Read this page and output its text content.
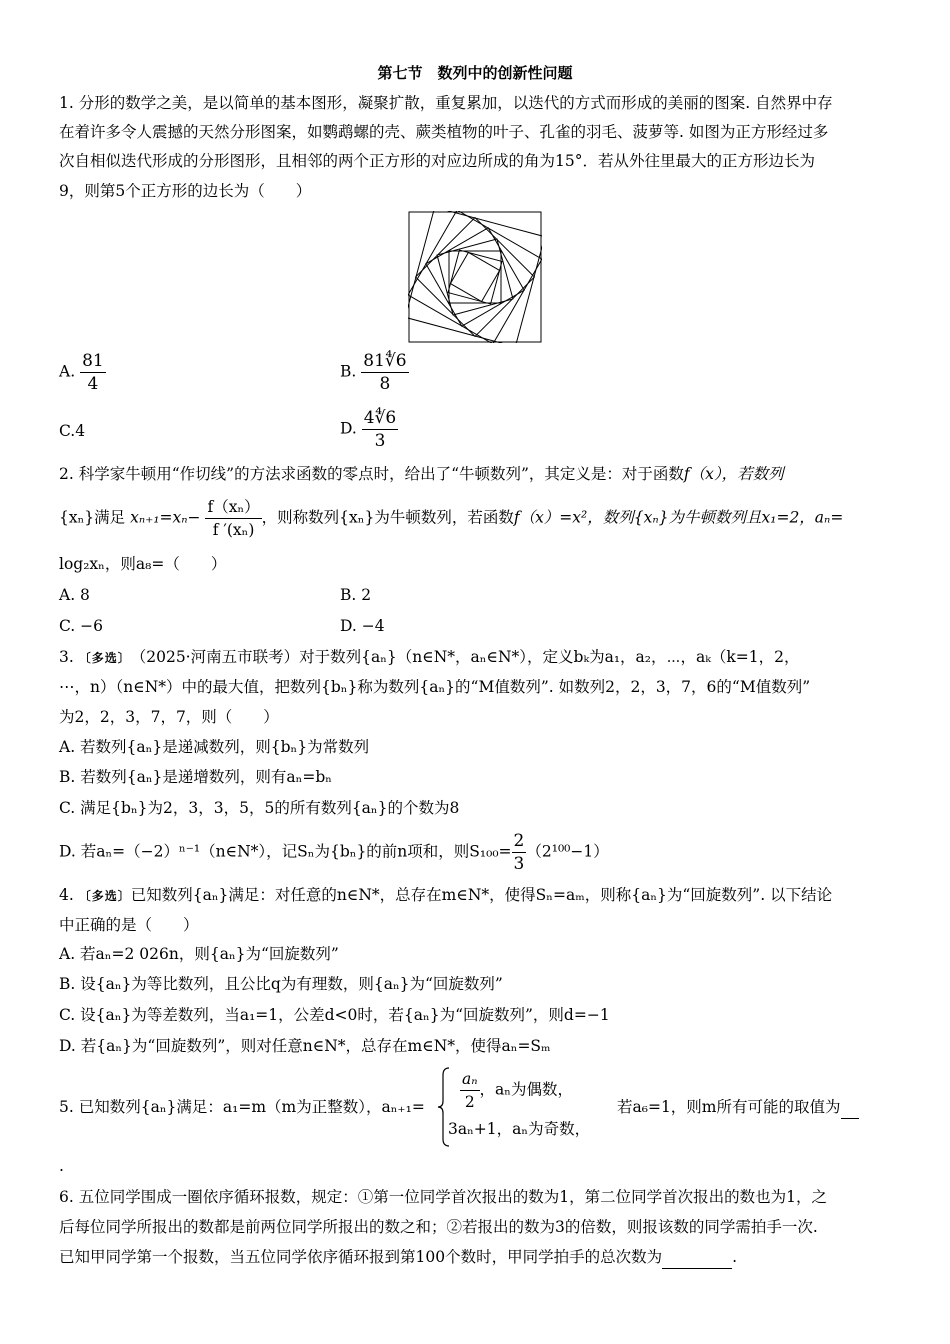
第七节　数列中的创新性问题
1. 分形的数学之美，是以简单的基本图形，凝聚扩散，重复累加，以迭代的方式而形成的美丽的图案. 自然界中存
在着许多令人震撼的天然分形图案，如鹦鹉螺的壳、蕨类植物的叶子、孔雀的羽毛、菠萝等. 如图为正方形经过多
次自相似迭代形成的分形图形，且相邻的两个正方形的对应边所成的角为15°．若从外往里最大的正方形边长为
9，则第5个正方形的边长为（　　）
A. $\frac{81}{4}$	B. $\frac{81∜6}{8}$
C.4	D. $\frac{4∜6}{3}$
2. 科学家牛顿用“作切线”的方法求函数的零点时，给出了“牛顿数列”，其定义是：对于函数f（x），若数列
{xₙ}满足 $x_{n+1}=x_n- \frac{\text{f（xₙ）}}{\text{f ′(xₙ)}}$ ，则称数列{xₙ}为牛顿数列，若函数f（x）=x²，数列{xₙ}为牛顿数列且x₁=2，aₙ=
log₂xₙ，则a₈=（　　）
A. 8	B. 2
C. −6	D. −4
3. 〔多选〕（2025·河南五市联考）对于数列{aₙ}（n∈N*，aₙ∈N*），定义bₖ为a₁，a₂，⋯，aₖ（k=1，2，
⋯，n）（n∈N*）中的最大值，把数列{bₙ}称为数列{aₙ}的“M值数列”. 如数列2，2，3，7，6的“M值数列”
为2，2，3，7，7，则（　　）
A. 若数列{aₙ}是递减数列，则{bₙ}为常数列
B. 若数列{aₙ}是递增数列，则有aₙ=bₙ
C. 满足{bₙ}为2，3，3，5，5的所有数列{aₙ}的个数为8
D. 若aₙ=（−2）ⁿ⁻¹（n∈N*），记Sₙ为{bₙ}的前n项和，则$S_{100}= \frac{2}{3} (2^{100}-1)$
4. 〔多选〕已知数列{aₙ}满足：对任意的n∈N*，总存在m∈N*，使得Sₙ=aₘ，则称{aₙ}为“回旋数列”. 以下结论
中正确的是（　　）
A. 若aₙ=2 026n，则{aₙ}为“回旋数列”
B. 设{aₙ}为等比数列，且公比q为有理数，则{aₙ}为“回旋数列”
C. 设{aₙ}为等差数列，当a₁=1，公差d<0时，若{aₙ}为“回旋数列”，则d=−1
D. 若{aₙ}为“回旋数列”，则对任意n∈N*，总存在m∈N*，使得aₙ=Sₘ
5. 已知数列{aₙ}满足：a₁=m（m为正整数），$a_{n+1}= \frac{\text{aₙ}}{2}$ ，aₙ为偶数，
3aₙ+1，aₙ为奇数，
若a₆=1，则m所有可能的取值为
.
6. 五位同学围成一圈依序循环报数，规定：①第一位同学首次报出的数为1，第二位同学首次报出的数也为1，之
后每位同学所报出的数都是前两位同学所报出的数之和；②若报出的数为3的倍数，则报该数的同学需拍手一次.
已知甲同学第一个报数，当五位同学依序循环报到第100个数时，甲同学拍手的总次数为	.
